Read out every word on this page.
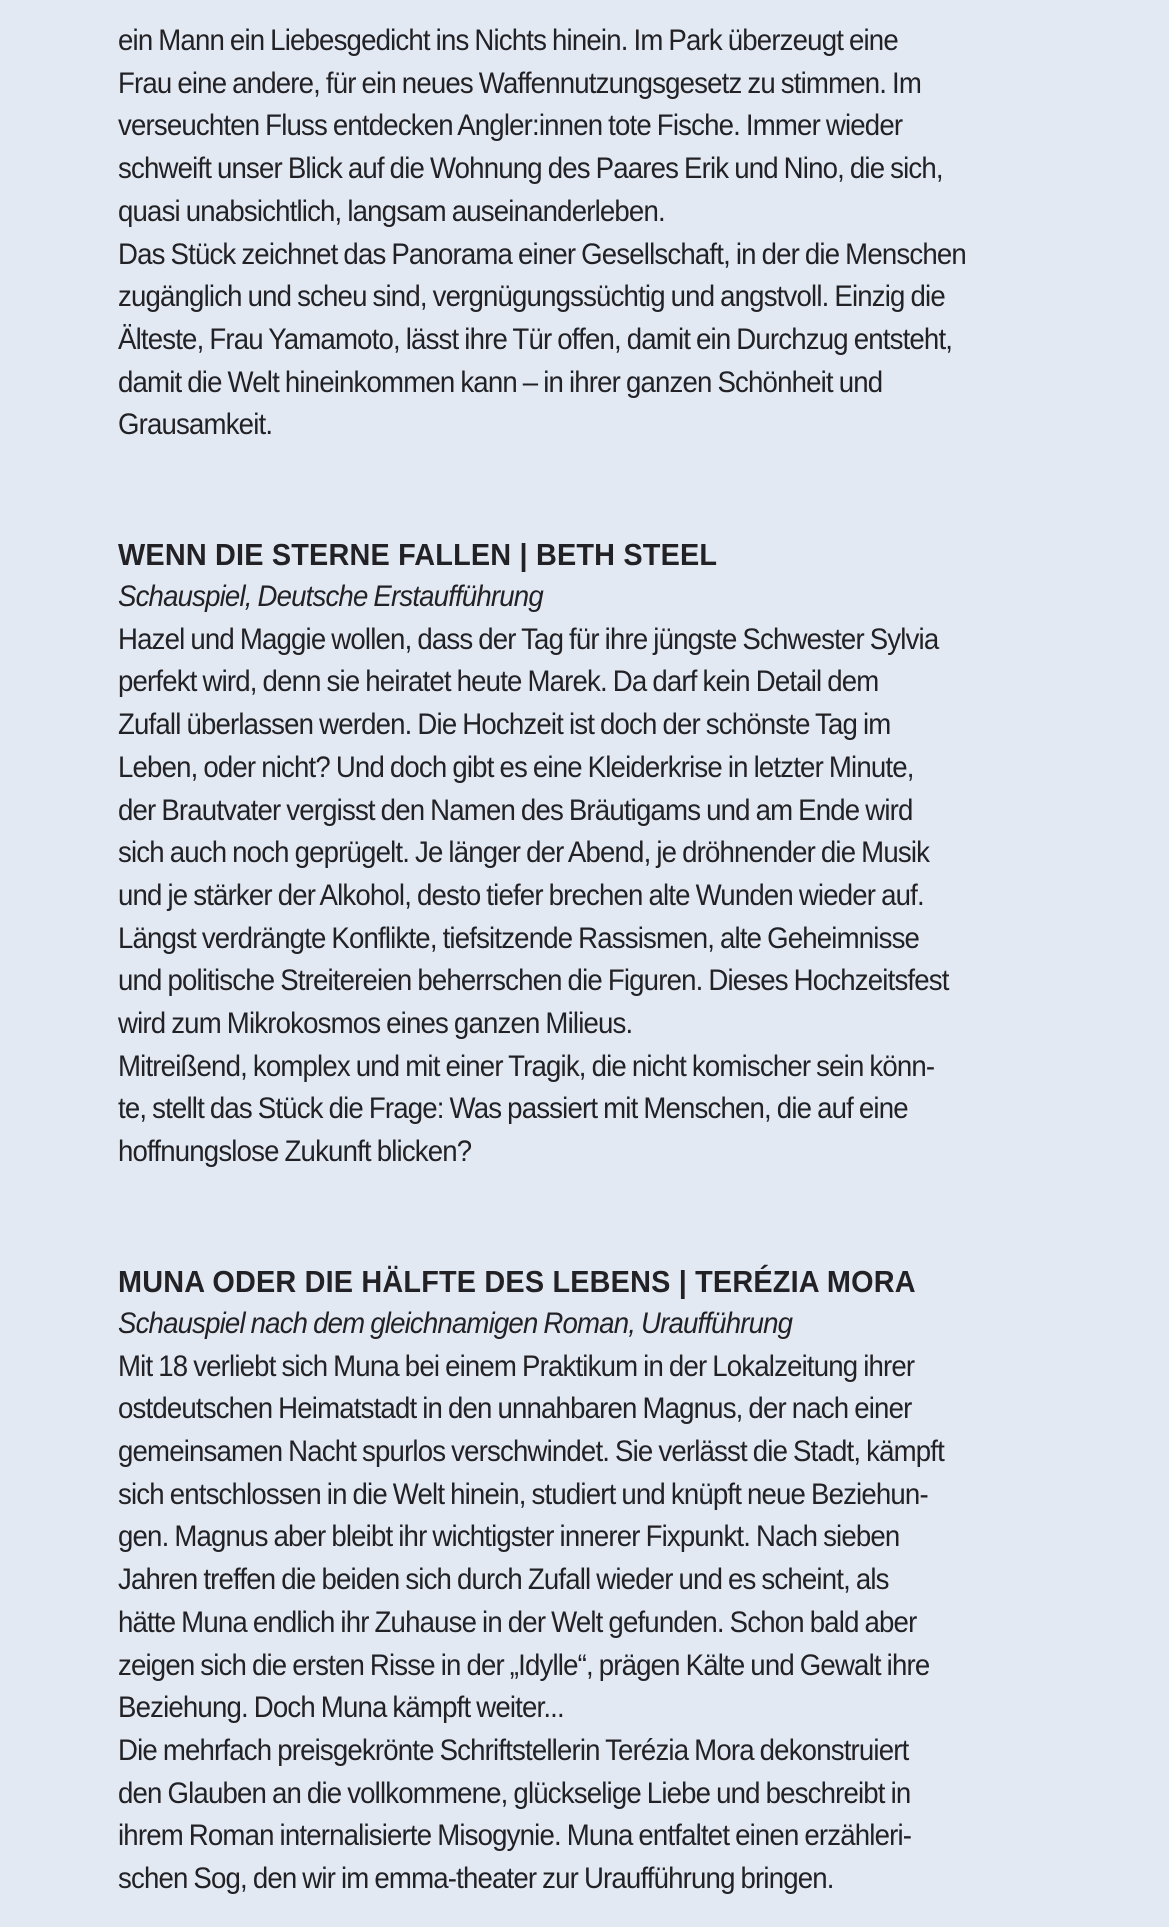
ein Mann ein Liebesgedicht ins Nichts hinein. Im Park überzeugt eine
Frau eine andere, für ein neues Waffennutzungsgesetz zu stimmen. Im
verseuchten Fluss entdecken Angler:innen tote Fische. Immer wieder
schweift unser Blick auf die Wohnung des Paares Erik und Nino, die sich,
quasi unabsichtlich, langsam auseinanderleben.
Das Stück zeichnet das Panorama einer Gesellschaft, in der die Menschen
zugänglich und scheu sind, vergnügungssüchtig und angstvoll. Einzig die
Älteste, Frau Yamamoto, lässt ihre Tür offen, damit ein Durchzug entsteht,
damit die Welt hineinkommen kann – in ihrer ganzen Schönheit und
Grausamkeit.
WENN DIE STERNE FALLEN | BETH STEEL
Schauspiel, Deutsche Erstaufführung
Hazel und Maggie wollen, dass der Tag für ihre jüngste Schwester Sylvia
perfekt wird, denn sie heiratet heute Marek. Da darf kein Detail dem
Zufall überlassen werden. Die Hochzeit ist doch der schönste Tag im
Leben, oder nicht? Und doch gibt es eine Kleiderkrise in letzter Minute,
der Brautvater vergisst den Namen des Bräutigams und am Ende wird
sich auch noch geprügelt. Je länger der Abend, je dröhnender die Musik
und je stärker der Alkohol, desto tiefer brechen alte Wunden wieder auf.
Längst verdrängte Konflikte, tiefsitzende Rassismen, alte Geheimnisse
und politische Streitereien beherrschen die Figuren. Dieses Hochzeitsfest
wird zum Mikrokosmos eines ganzen Milieus.
Mitreißend, komplex und mit einer Tragik, die nicht komischer sein könn-
te, stellt das Stück die Frage: Was passiert mit Menschen, die auf eine
hoffnungslose Zukunft blicken?
MUNA ODER DIE HÄLFTE DES LEBENS | TERÉZIA MORA
Schauspiel nach dem gleichnamigen Roman, Uraufführung
Mit 18 verliebt sich Muna bei einem Praktikum in der Lokalzeitung ihrer
ostdeutschen Heimatstadt in den unnahbaren Magnus, der nach einer
gemeinsamen Nacht spurlos verschwindet. Sie verlässt die Stadt, kämpft
sich entschlossen in die Welt hinein, studiert und knüpft neue Beziehun-
gen. Magnus aber bleibt ihr wichtigster innerer Fixpunkt. Nach sieben
Jahren treffen die beiden sich durch Zufall wieder und es scheint, als
hätte Muna endlich ihr Zuhause in der Welt gefunden. Schon bald aber
zeigen sich die ersten Risse in der „Idylle“, prägen Kälte und Gewalt ihre
Beziehung. Doch Muna kämpft weiter...
Die mehrfach preisgekrönte Schriftstellerin Terézia Mora dekonstruiert
den Glauben an die vollkommene, glückselige Liebe und beschreibt in
ihrem Roman internalisierte Misogynie. Muna entfaltet einen erzähleri-
schen Sog, den wir im emma-theater zur Uraufführung bringen.
